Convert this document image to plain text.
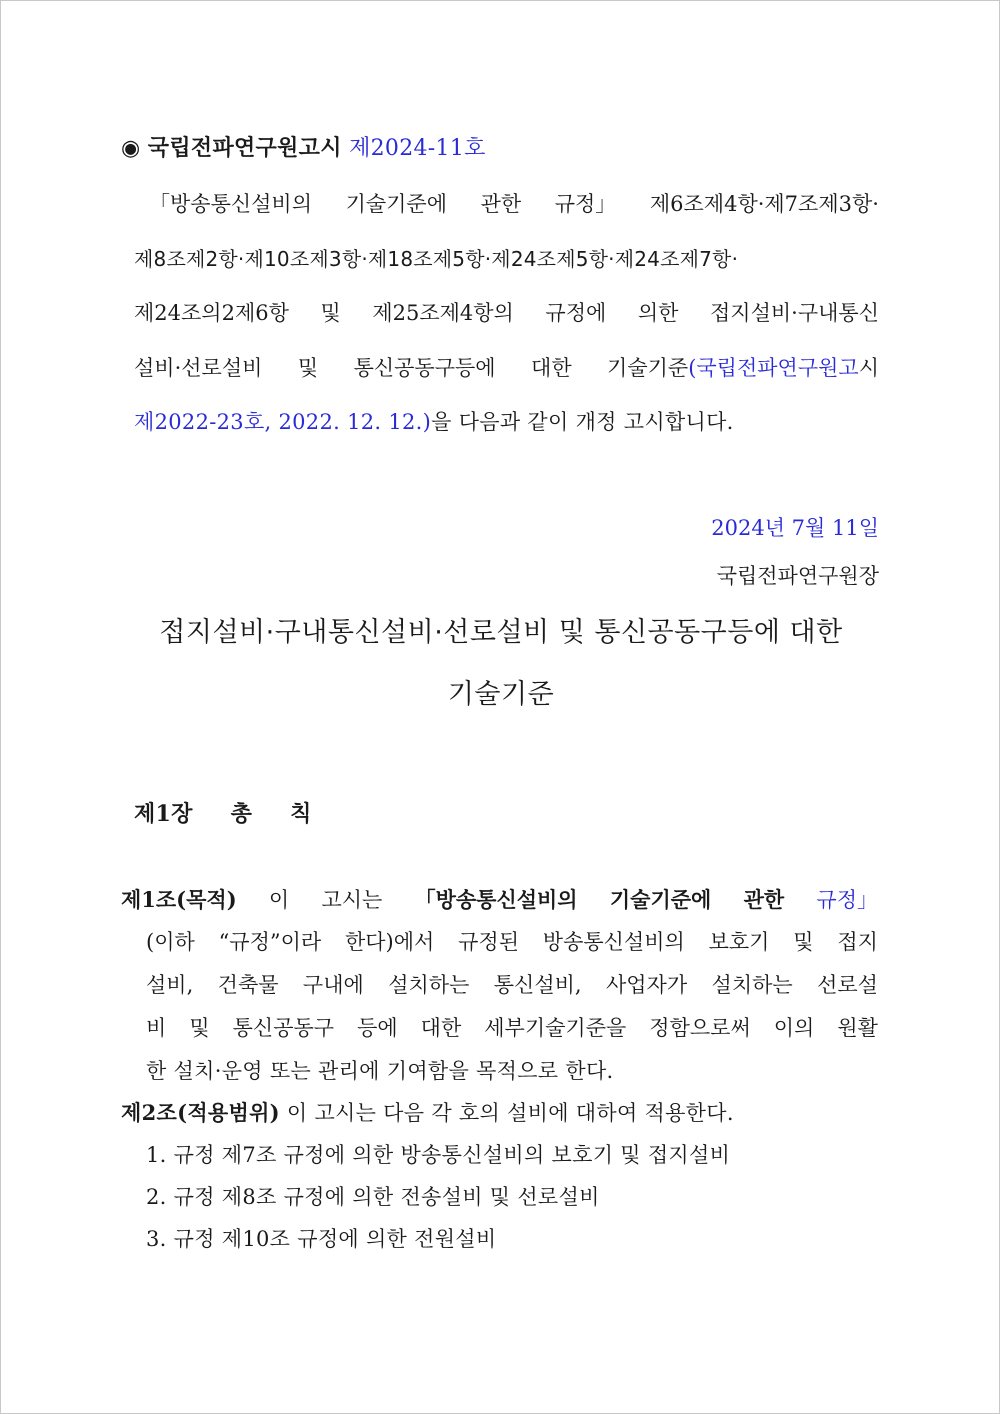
◉ 국립전파연구원고시 제2024-11호
「방송통신설비의 기술기준에 관한 규정」 제6조제4항·제7조제3항·
제8조제2항·제10조제3항·제18조제5항·제24조제5항·제24조제7항·
제24조의2제6항 및 제25조제4항의 규정에 의한 접지설비·구내통신
설비·선로설비 및 통신공동구등에 대한 기술기준(국립전파연구원고시
제2022-23호, 2022. 12. 12.)을 다음과 같이 개정 고시합니다.
2024년 7월 11일
국립전파연구원장
접지설비·구내통신설비·선로설비 및 통신공동구등에 대한
기술기준
제1장 총 칙
제1조(목적) 이 고시는 「방송통신설비의 기술기준에 관한 규정」
(이하 “규정”이라 한다)에서 규정된 방송통신설비의 보호기 및 접지
설비, 건축물 구내에 설치하는 통신설비, 사업자가 설치하는 선로설
비 및 통신공동구 등에 대한 세부기술기준을 정함으로써 이의 원활
한 설치·운영 또는 관리에 기여함을 목적으로 한다.
제2조(적용범위) 이 고시는 다음 각 호의 설비에 대하여 적용한다.
1. 규정 제7조 규정에 의한 방송통신설비의 보호기 및 접지설비
2. 규정 제8조 규정에 의한 전송설비 및 선로설비
3. 규정 제10조 규정에 의한 전원설비
